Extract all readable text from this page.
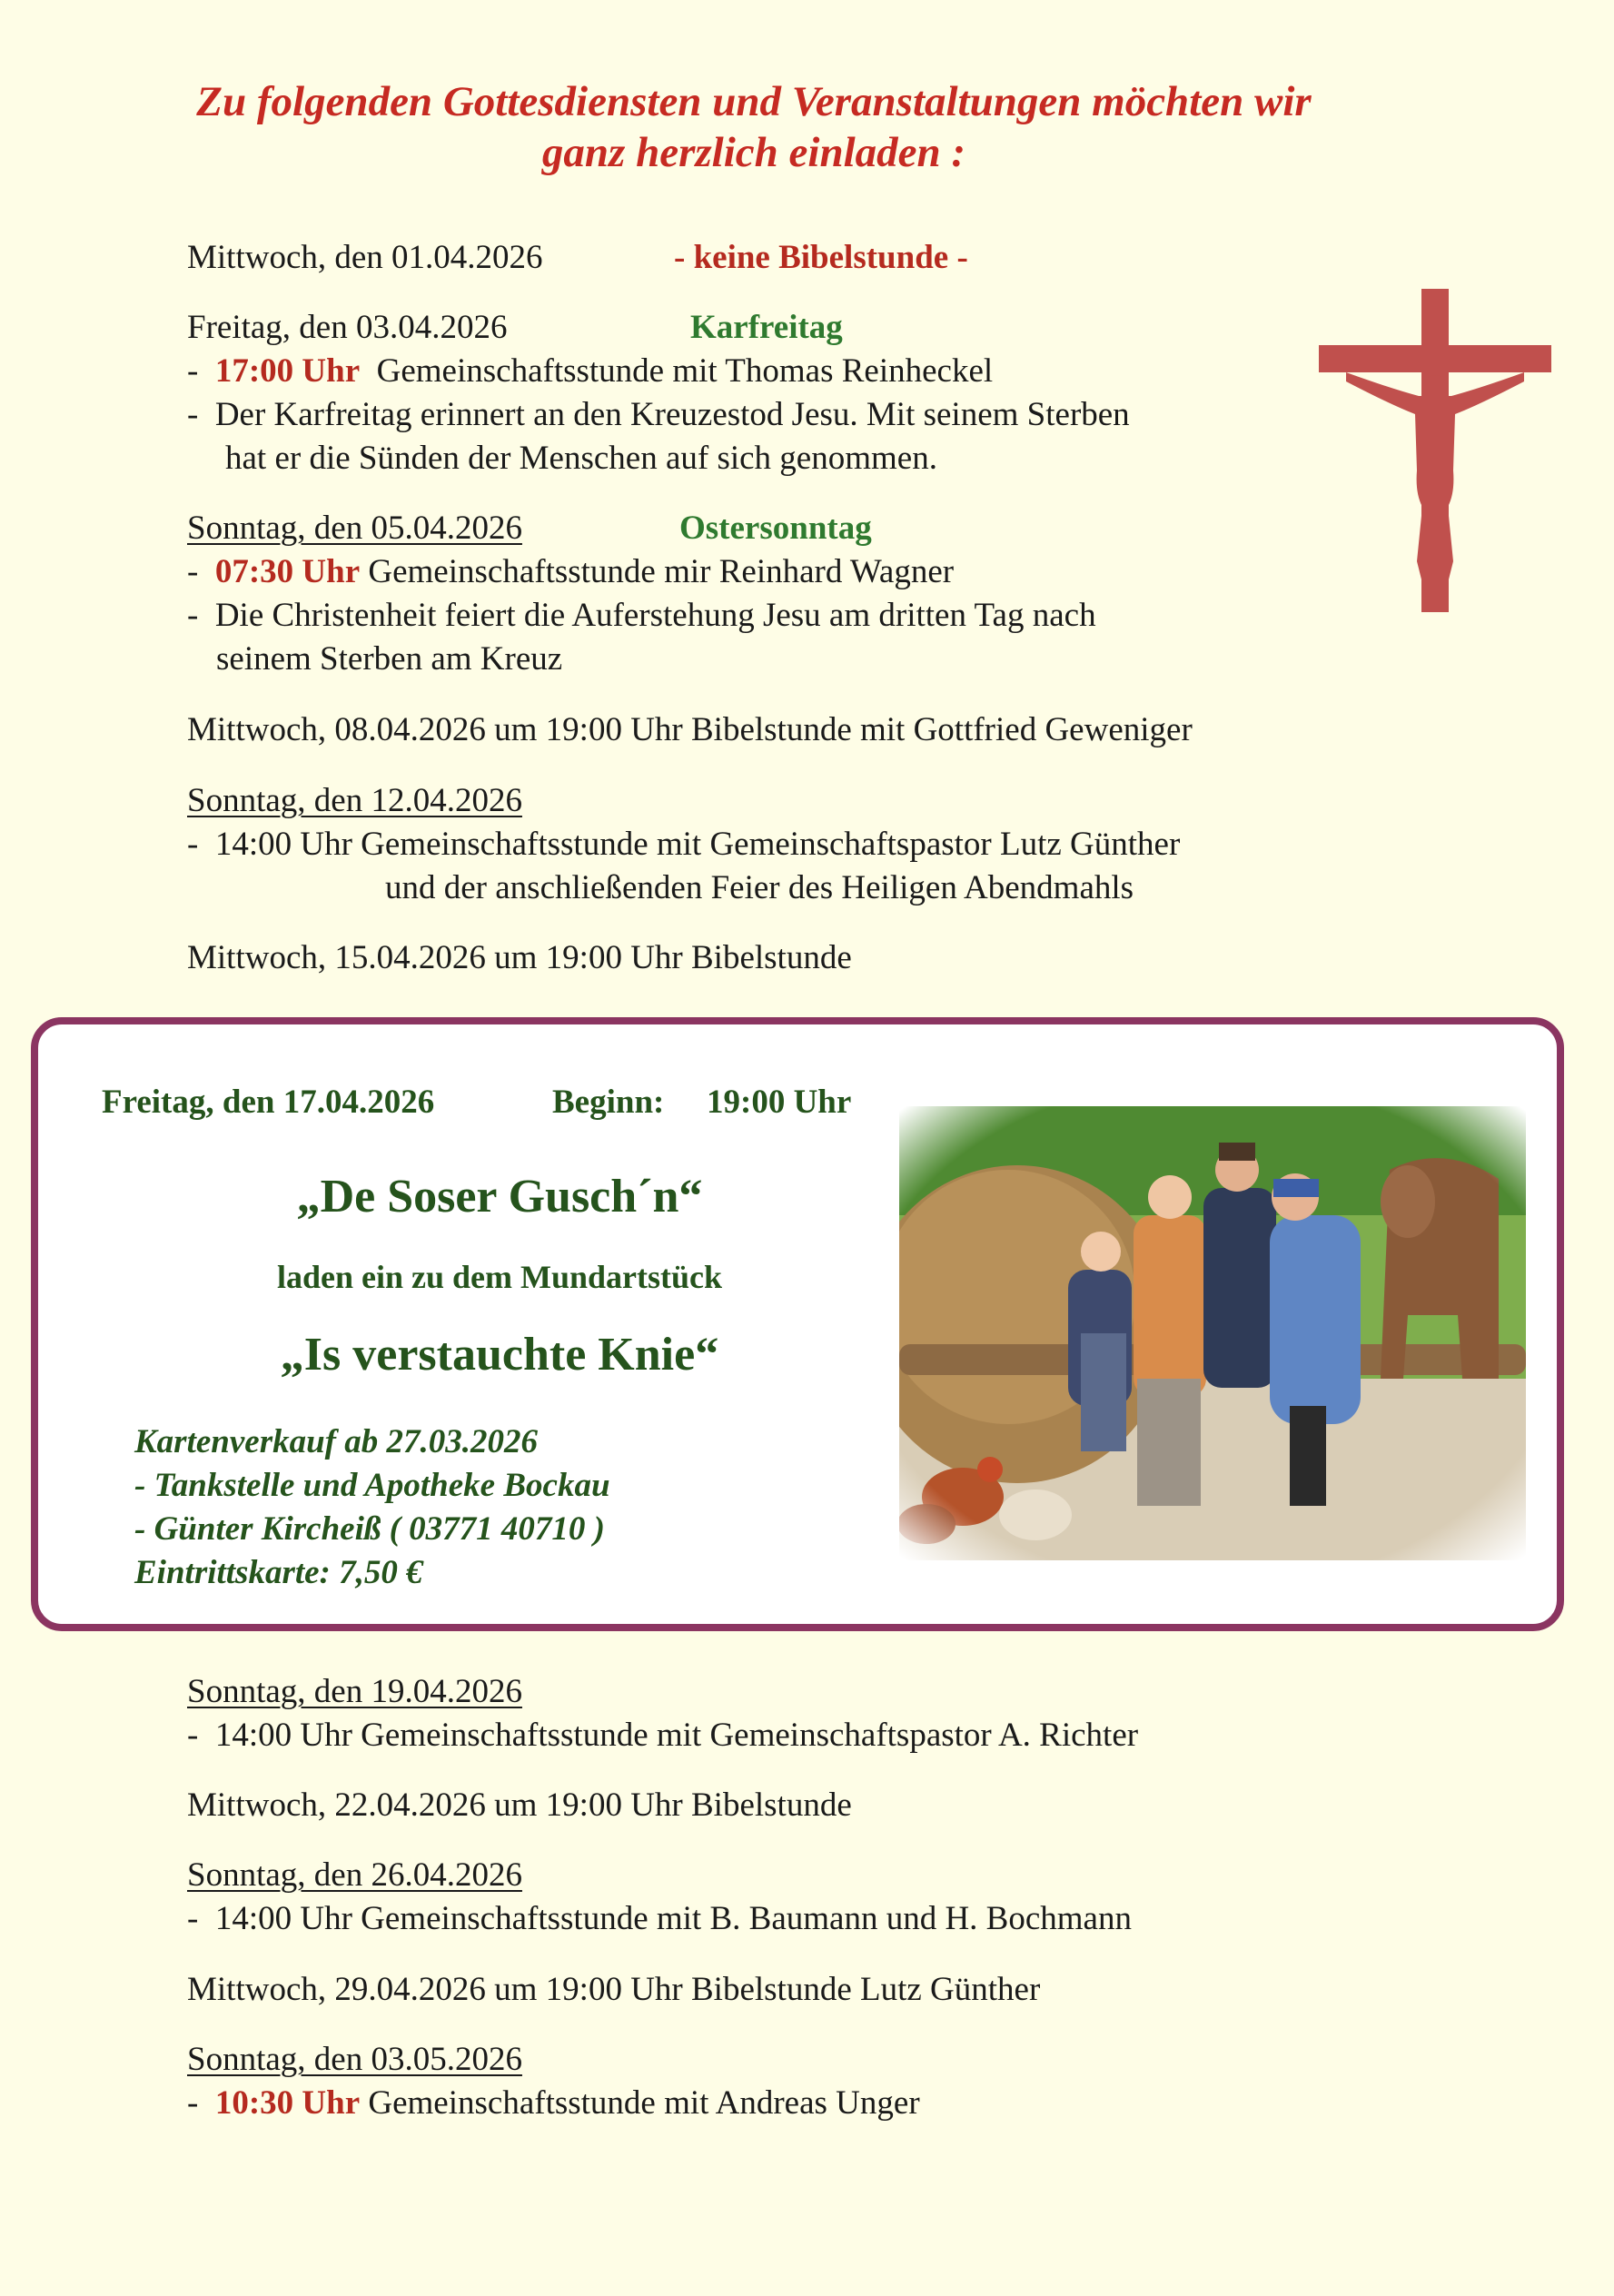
Zu folgenden Gottesdiensten und Veranstaltungen möchten wir
ganz herzlich einladen :
Mittwoch, den 01.04.2026	- keine Bibelstunde -
Freitag, den 03.04.2026	Karfreitag
-  17:00 Uhr Gemeinschaftsstunde mit Thomas Reinheckel
-  Der Karfreitag erinnert an den Kreuzestod Jesu. Mit seinem Sterben
hat er die Sünden der Menschen auf sich genommen.
Sonntag, den 05.04.2026	Ostersonntag
-  07:30 Uhr Gemeinschaftsstunde mir Reinhard Wagner
-  Die Christenheit feiert die Auferstehung Jesu am dritten Tag nach
seinem Sterben am Kreuz
Mittwoch, 08.04.2026 um 19:00 Uhr Bibelstunde mit Gottfried Geweniger
Sonntag, den 12.04.2026
-  14:00 Uhr Gemeinschaftsstunde mit Gemeinschaftspastor Lutz Günther
und der anschließenden Feier des Heiligen Abendmahls
Mittwoch, 15.04.2026 um 19:00 Uhr Bibelstunde
Freitag, den 17.04.2026	Beginn: 19:00 Uhr
„De Soser Gusch´n“
laden ein zu dem Mundartstück
„Is verstauchte Knie“
Kartenverkauf ab 27.03.2026
- Tankstelle und Apotheke Bockau
- Günter Kircheiß ( 03771 40710 )
Eintrittskarte: 7,50 €
Sonntag, den 19.04.2026
-  14:00 Uhr Gemeinschaftsstunde mit Gemeinschaftspastor A. Richter
Mittwoch, 22.04.2026 um 19:00 Uhr Bibelstunde
Sonntag, den 26.04.2026
-  14:00 Uhr Gemeinschaftsstunde mit B. Baumann und H. Bochmann
Mittwoch, 29.04.2026 um 19:00 Uhr Bibelstunde Lutz Günther
Sonntag, den 03.05.2026
-  10:30 Uhr Gemeinschaftsstunde mit Andreas Unger
